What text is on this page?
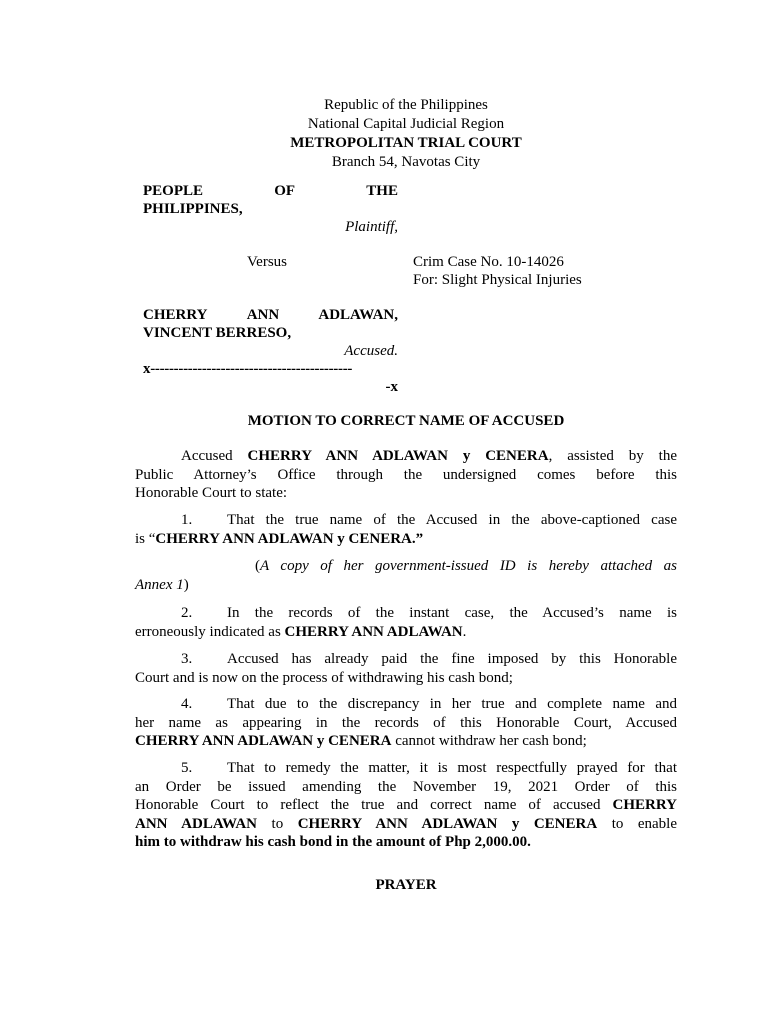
Republic of the Philippines
National Capital Judicial Region
METROPOLITAN TRIAL COURT
Branch 54, Navotas City
PEOPLE	OF	THE
PHILIPPINES,
Plaintiff,
Versus	Crim Case No. 10-14026
For: Slight Physical Injuries
CHERRY	ANN	ADLAWAN,
VINCENT BERRESO,
Accused.
x-------------------------------------------
-x
MOTION TO CORRECT NAME OF ACCUSED
Accused CHERRY ANN ADLAWAN y CENERA, assisted by the
Public Attorney’s Office through the undersigned comes before this
Honorable Court to state:
1. That the true name of the Accused in the above-captioned case
is “CHERRY ANN ADLAWAN y CENERA.”
(A copy of her government-issued ID is hereby attached as
Annex 1)
2. In the records of the instant case, the Accused’s name is
erroneously indicated as CHERRY ANN ADLAWAN.
3. Accused has already paid the fine imposed by this Honorable
Court and is now on the process of withdrawing his cash bond;
4. That due to the discrepancy in her true and complete name and
her name as appearing in the records of this Honorable Court, Accused
CHERRY ANN ADLAWAN y CENERA cannot withdraw her cash bond;
5. That to remedy the matter, it is most respectfully prayed for that
an Order be issued amending the November 19, 2021 Order of this
Honorable Court to reflect the true and correct name of accused CHERRY
ANN ADLAWAN to CHERRY ANN ADLAWAN y CENERA to enable
him to withdraw his cash bond in the amount of Php 2,000.00.
PRAYER
